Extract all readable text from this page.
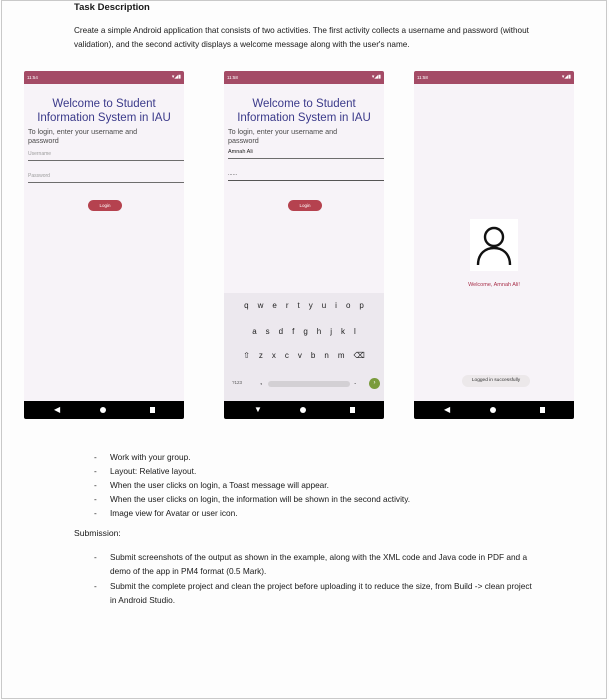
Task Description
Create a simple Android application that consists of two activities. The first activity collects a username and password (without validation), and the second activity displays a welcome message along with the user's name.
11:54	▾◢▮
Welcome to Student
Information System in IAU
To login, enter your username and password
Username
Password
Login
◀
11:58	▾◢▮
Welcome to Student
Information System in IAU
To login, enter your username and password
Amnah Ali
......
Login
q w e r t y u i o p
a s d f g h j k l
⇧ z x c v b n m ⌫
?123 ,	.	›
▼
11:58	▾◢▮
Welcome, Amnah Ali!
Logged in successfully
◀
- Work with your group.
- Layout: Relative layout.
- When the user clicks on login, a Toast message will appear.
- When the user clicks on login, the information will be shown in the second activity.
- Image view for Avatar or user icon.
Submission:
- Submit screenshots of the output as shown in the example, along with the XML code and Java code in PDF and a demo of the app in PM4 format (0.5 Mark).
- Submit the complete project and clean the project before uploading it to reduce the size, from Build -> clean project in Android Studio.
